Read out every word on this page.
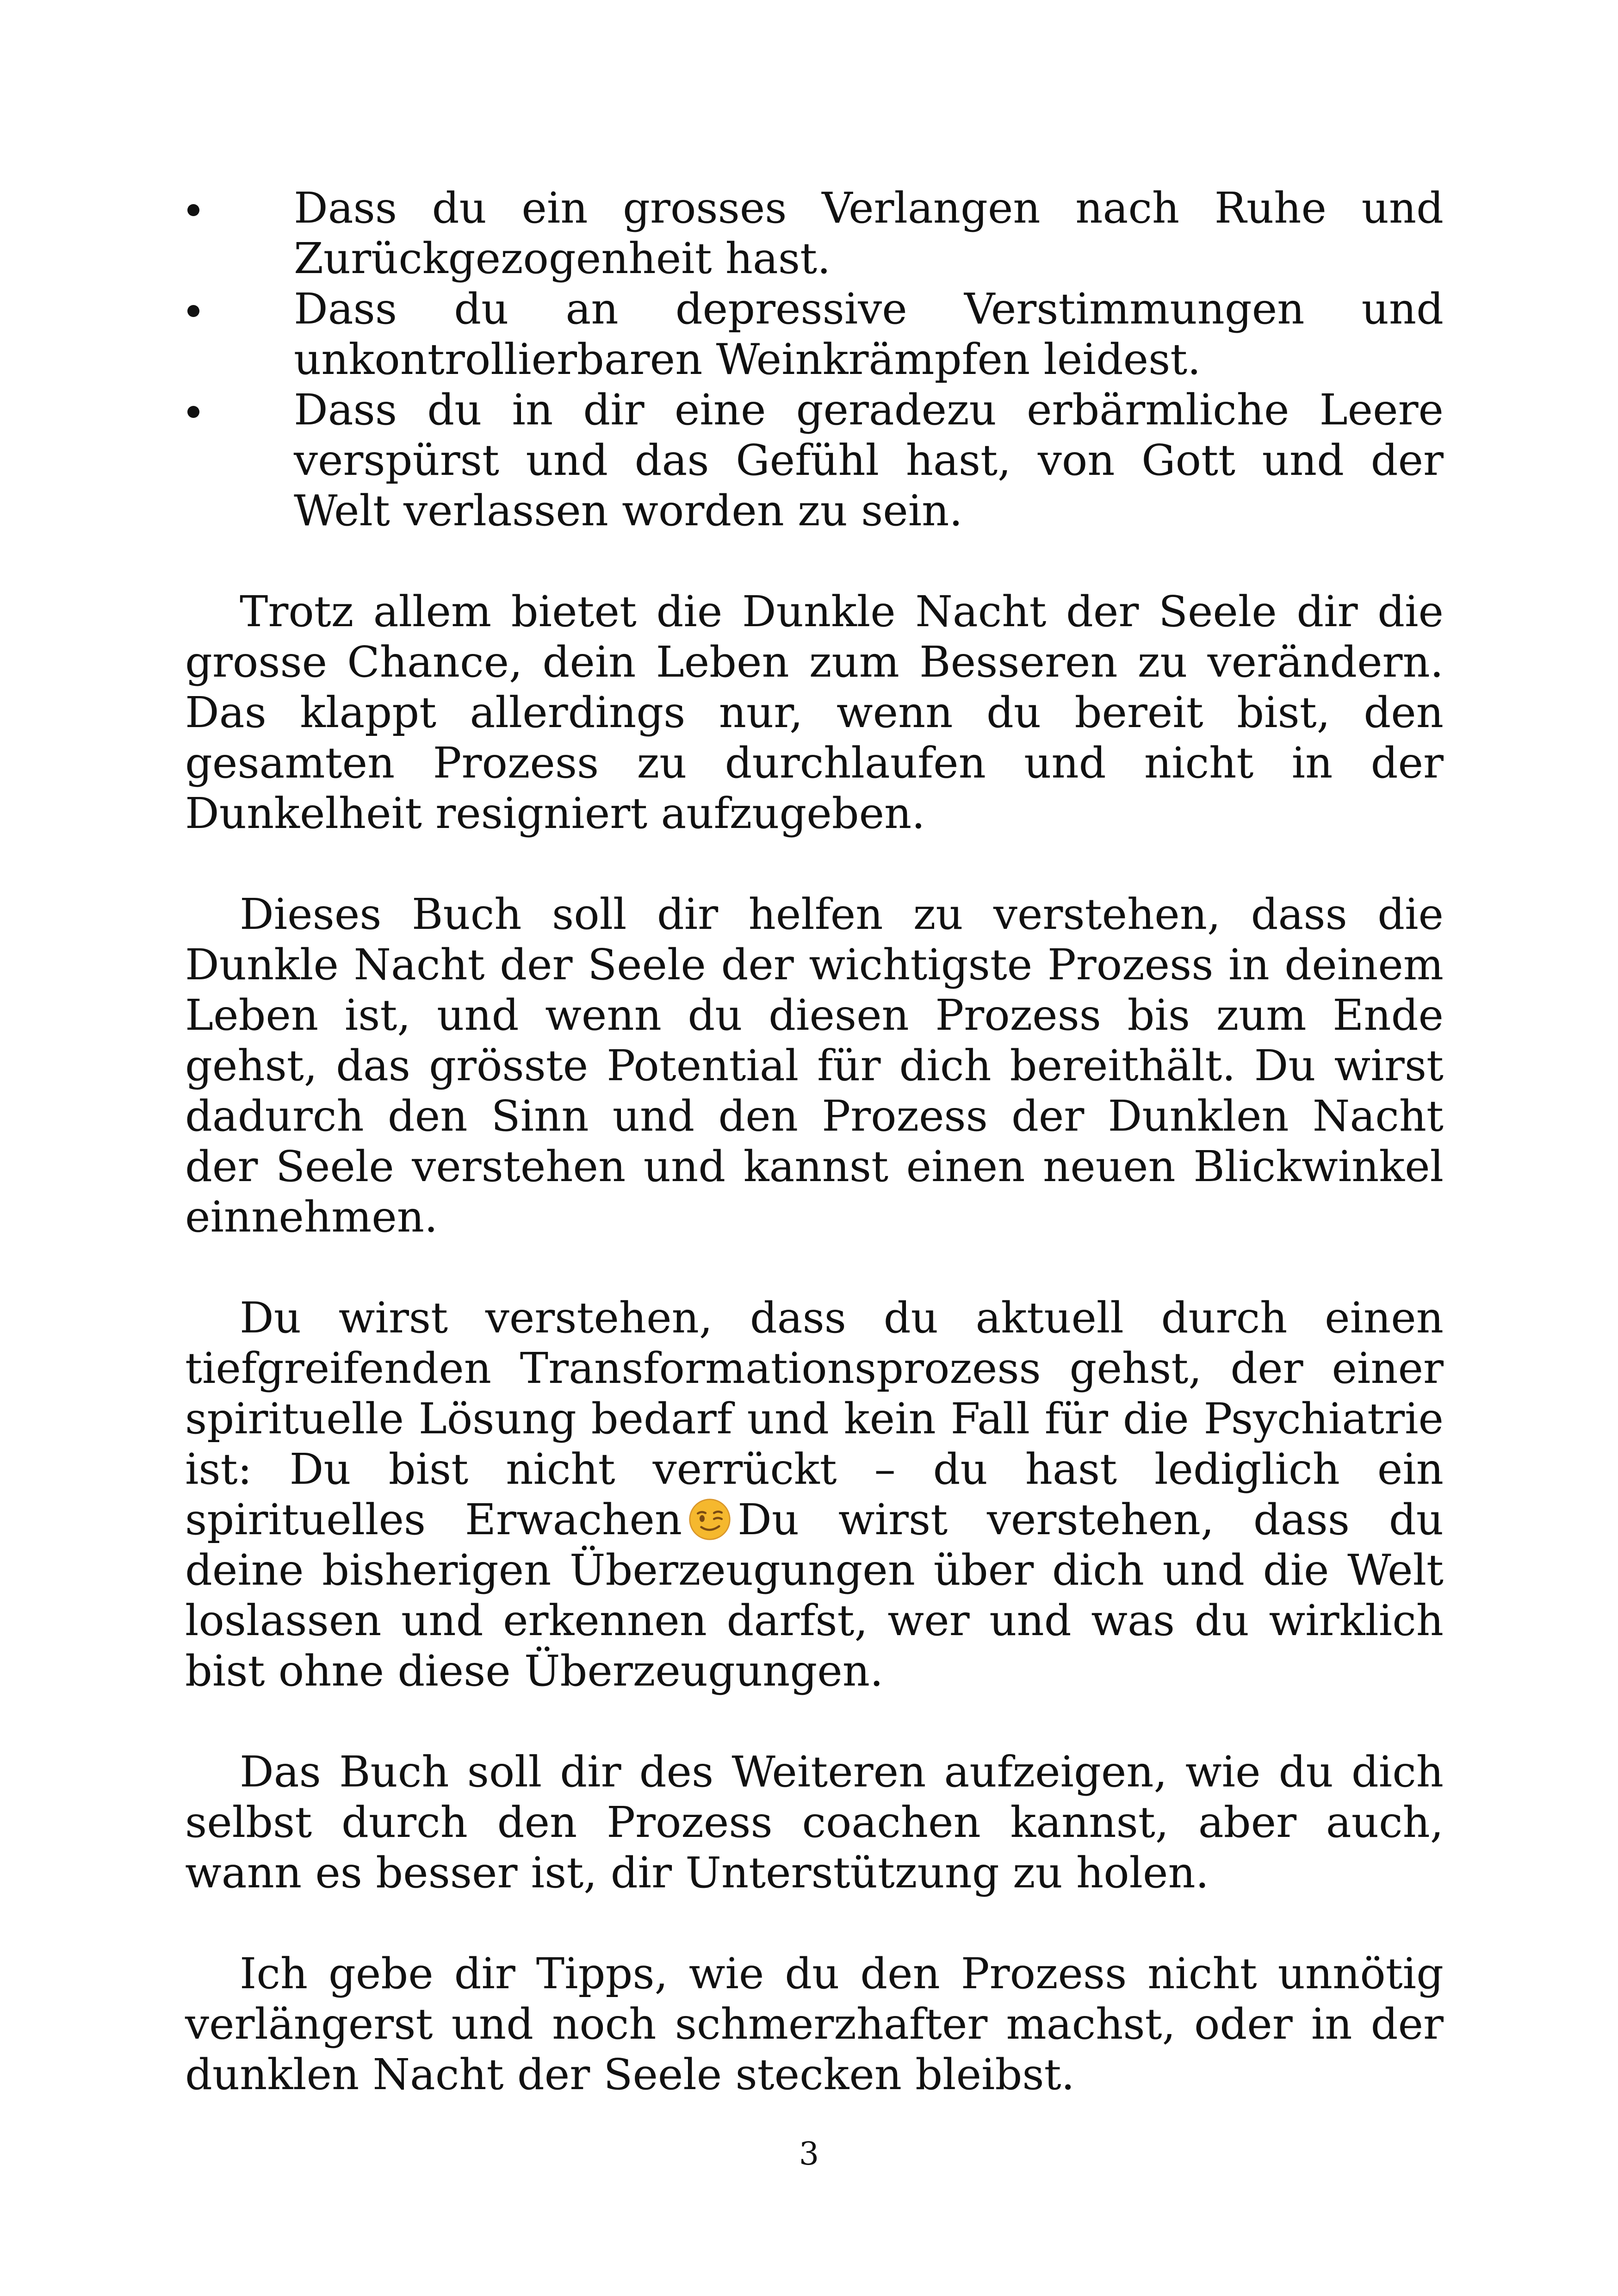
Dass du ein grosses Verlangen nach Ruhe und Zurückgezogenheit hast.
Dass du an depressive Verstimmungen und unkontrollierbaren Weinkrämpfen leidest.
Dass du in dir eine geradezu erbärmliche Leere verspürst und das Gefühl hast, von Gott und der Welt verlassen worden zu sein.

Trotz allem bietet die Dunkle Nacht der Seele dir die grosse Chance, dein Leben zum Besseren zu verändern. Das klappt allerdings nur, wenn du bereit bist, den gesamten Prozess zu durchlaufen und nicht in der Dunkelheit resigniert aufzugeben.

Dieses Buch soll dir helfen zu verstehen, dass die Dunkle Nacht der Seele der wichtigste Prozess in deinem Leben ist, und wenn du diesen Prozess bis zum Ende gehst, das grösste Potential für dich bereithält. Du wirst dadurch den Sinn und den Prozess der Dunklen Nacht der Seele verstehen und kannst einen neuen Blickwinkel einnehmen.

Du wirst verstehen, dass du aktuell durch einen tiefgreifenden Transformationsprozess gehst, der einer spirituelle Lösung bedarf und kein Fall für die Psychiatrie ist: Du bist nicht verrückt – du hast lediglich ein spirituelles Erwachen Du wirst verstehen, dass du deine bisherigen Überzeugungen über dich und die Welt loslassen und erkennen darfst, wer und was du wirklich bist ohne diese Überzeugungen.

Das Buch soll dir des Weiteren aufzeigen, wie du dich selbst durch den Prozess coachen kannst, aber auch, wann es besser ist, dir Unterstützung zu holen.

Ich gebe dir Tipps, wie du den Prozess nicht unnötig verlängerst und noch schmerzhafter machst, oder in der dunklen Nacht der Seele stecken bleibst.

3
